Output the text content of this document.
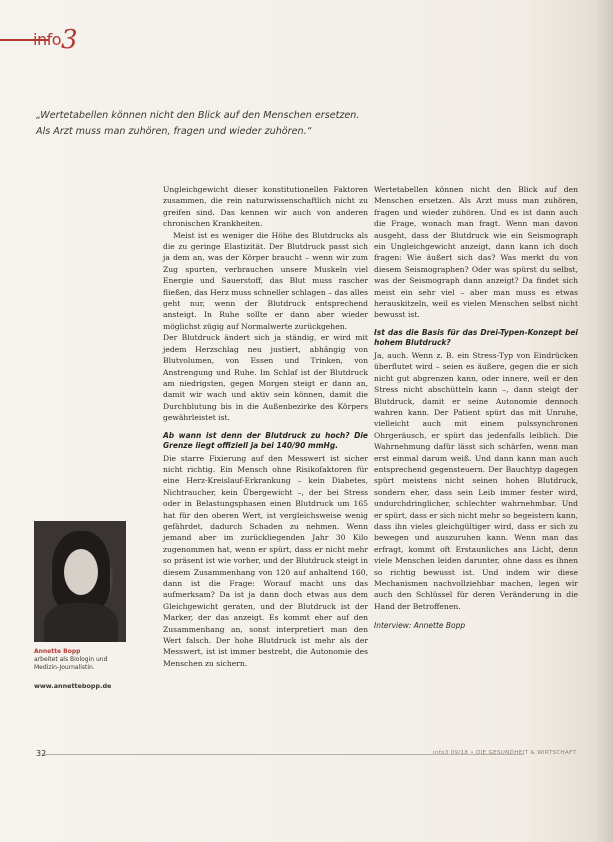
info3

„Wertetabellen können nicht den Blick auf den Menschen ersetzen.

Als Arzt muss man zuhören, fragen und wieder zuhören.“

Ungleichgewicht dieser konstitutionellen Faktoren zusammen, die rein naturwissenschaftlich nicht zu greifen sind. Das kennen wir auch von anderen chronischen Krankheiten.

Meist ist es weniger die Höhe des Blutdrucks als die zu geringe Elastizität. Der Blutdruck passt sich ja dem an, was der Körper braucht – wenn wir zum Zug spurten, verbrauchen unsere Muskeln viel Energie und Sauerstoff, das Blut muss rascher fließen, das Herz muss schneller schlagen – das alles geht nur, wenn der Blutdruck entsprechend ansteigt. In Ruhe sollte er dann aber wieder möglichst zügig auf Normalwerte zurückgehen.

Der Blutdruck ändert sich ja ständig, er wird mit jedem Herzschlag neu justiert, abhängig von Blutvolumen, von Essen und Trinken, von Anstrengung und Ruhe. Im Schlaf ist der Blutdruck am niedrigsten, gegen Morgen steigt er dann an, damit wir wach und aktiv sein können, damit die Durchblutung bis in die Außenbezirke des Körpers gewährleistet ist.

Ab wann ist denn der Blutdruck zu hoch? Die Grenze liegt offiziell ja bei 140/90 mmHg.

Die starre Fixierung auf den Messwert ist sicher nicht richtig. Ein Mensch ohne Risikofaktoren für eine Herz-Kreislauf-Erkrankung – kein Diabetes, Nichtraucher, kein Übergewicht –, der bei Stress oder in Belastungsphasen einen Blutdruck um 165 hat für den oberen Wert, ist vergleichsweise wenig gefährdet, dadurch Schaden zu nehmen. Wenn jemand aber im zurückliegenden Jahr 30 Kilo zugenommen hat, wenn er spürt, dass er nicht mehr so präsent ist wie vorher, und der Blutdruck steigt in diesem Zusammenhang von 120 auf anhaltend 160, dann ist die Frage: Worauf macht uns das aufmerksam? Da ist ja dann doch etwas aus dem Gleichgewicht geraten, und der Blutdruck ist der Marker, der das anzeigt. Es kommt eher auf den Zusammenhang an, sonst interpretiert man den Wert falsch. Der hohe Blutdruck ist mehr als der Messwert, ist ist immer bestrebt, die Autonomie des Menschen zu sichern.

Wertetabellen können nicht den Blick auf den Menschen ersetzen. Als Arzt muss man zuhören, fragen und wieder zuhören. Und es ist dann auch die Frage, wonach man fragt. Wenn man davon ausgeht, dass der Blutdruck wie ein Seismograph ein Ungleichgewicht anzeigt, dann kann ich doch fragen: Wie äußert sich das? Was merkt du von diesem Seismographen? Oder was spürst du selbst, was der Seismograph dann anzeigt? Da findet sich meist ein sehr viel – aber man muss es etwas herauskitzeln, weil es vielen Menschen selbst nicht bewusst ist.

Ist das die Basis für das Drei-Typen-Konzept bei hohem Blutdruck?

Ja, auch. Wenn z. B. ein Stress-Typ von Eindrücken überflutet wird – seien es äußere, gegen die er sich nicht gut abgrenzen kann, oder innere, weil er den Stress nicht abschütteln kann –, dann steigt der Blutdruck, damit er seine Autonomie dennoch wahren kann. Der Patient spürt das mit Unruhe, vielleicht auch mit einem pulssynchronen Ohrgeräusch, er spürt das jedenfalls leiblich. Die Wahrnehmung dafür lässt sich schärfen, wenn man erst einmal darum weiß. Und dann kann man auch entsprechend gegensteuern. Der Bauchtyp dagegen spürt meistens nicht seinen hohen Blutdruck, sondern eher, dass sein Leib immer fester wird, undurchdringlicher, schlechter wahrnehmbar. Und er spürt, dass er sich nicht mehr so begeistern kann, dass ihn vieles gleichgültiger wird, dass er sich zu bewegen und auszuruhen kann. Wenn man das erfragt, kommt oft Erstaunliches ans Licht, denn viele Menschen leiden darunter, ohne dass es ihnen so richtig bewusst ist. Und indem wir diese Mechanismen nachvollziehbar machen, legen wir auch den Schlüssel für deren Veränderung in die Hand der Betroffenen.

Interview: Annette Bopp
Annette Bopp
arbeitet als Biologin und
Medizin-Journalistin.
www.annettebopp.de
32	info3 09/18 • DIE GESUNDHEIT & WIRTSCHAFT
